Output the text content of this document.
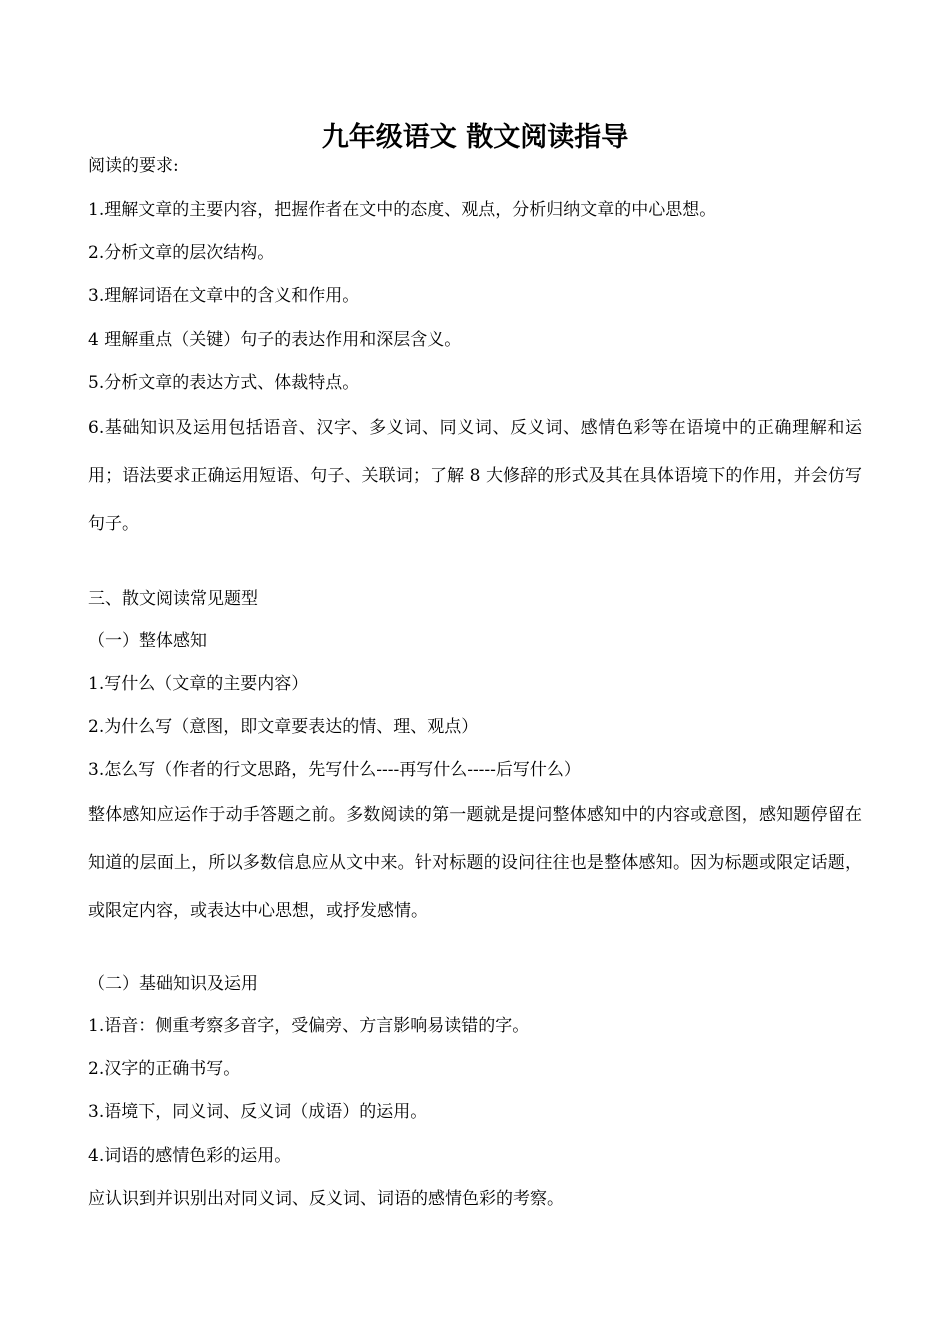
九年级语文 散文阅读指导
阅读的要求:
1.理解文章的主要内容，把握作者在文中的态度、观点，分析归纳文章的中心思想。
2.分析文章的层次结构。
3.理解词语在文章中的含义和作用。
4 理解重点（关键）句子的表达作用和深层含义。
5.分析文章的表达方式、体裁特点。
6.基础知识及运用包括语音、汉字、多义词、同义词、反义词、感情色彩等在语境中的正确理解和运用；语法要求正确运用短语、句子、关联词；了解 8 大修辞的形式及其在具体语境下的作用，并会仿写句子。
三、散文阅读常见题型
（一）整体感知
1.写什么（文章的主要内容）
2.为什么写（意图，即文章要表达的情、理、观点）
3.怎么写（作者的行文思路，先写什么----再写什么-----后写什么）
整体感知应运作于动手答题之前。多数阅读的第一题就是提问整体感知中的内容或意图，感知题停留在知道的层面上，所以多数信息应从文中来。针对标题的设问往往也是整体感知。因为标题或限定话题，或限定内容，或表达中心思想，或抒发感情。
（二）基础知识及运用
1.语音：侧重考察多音字，受偏旁、方言影响易读错的字。
2.汉字的正确书写。
3.语境下，同义词、反义词（成语）的运用。
4.词语的感情色彩的运用。
应认识到并识别出对同义词、反义词、词语的感情色彩的考察。
